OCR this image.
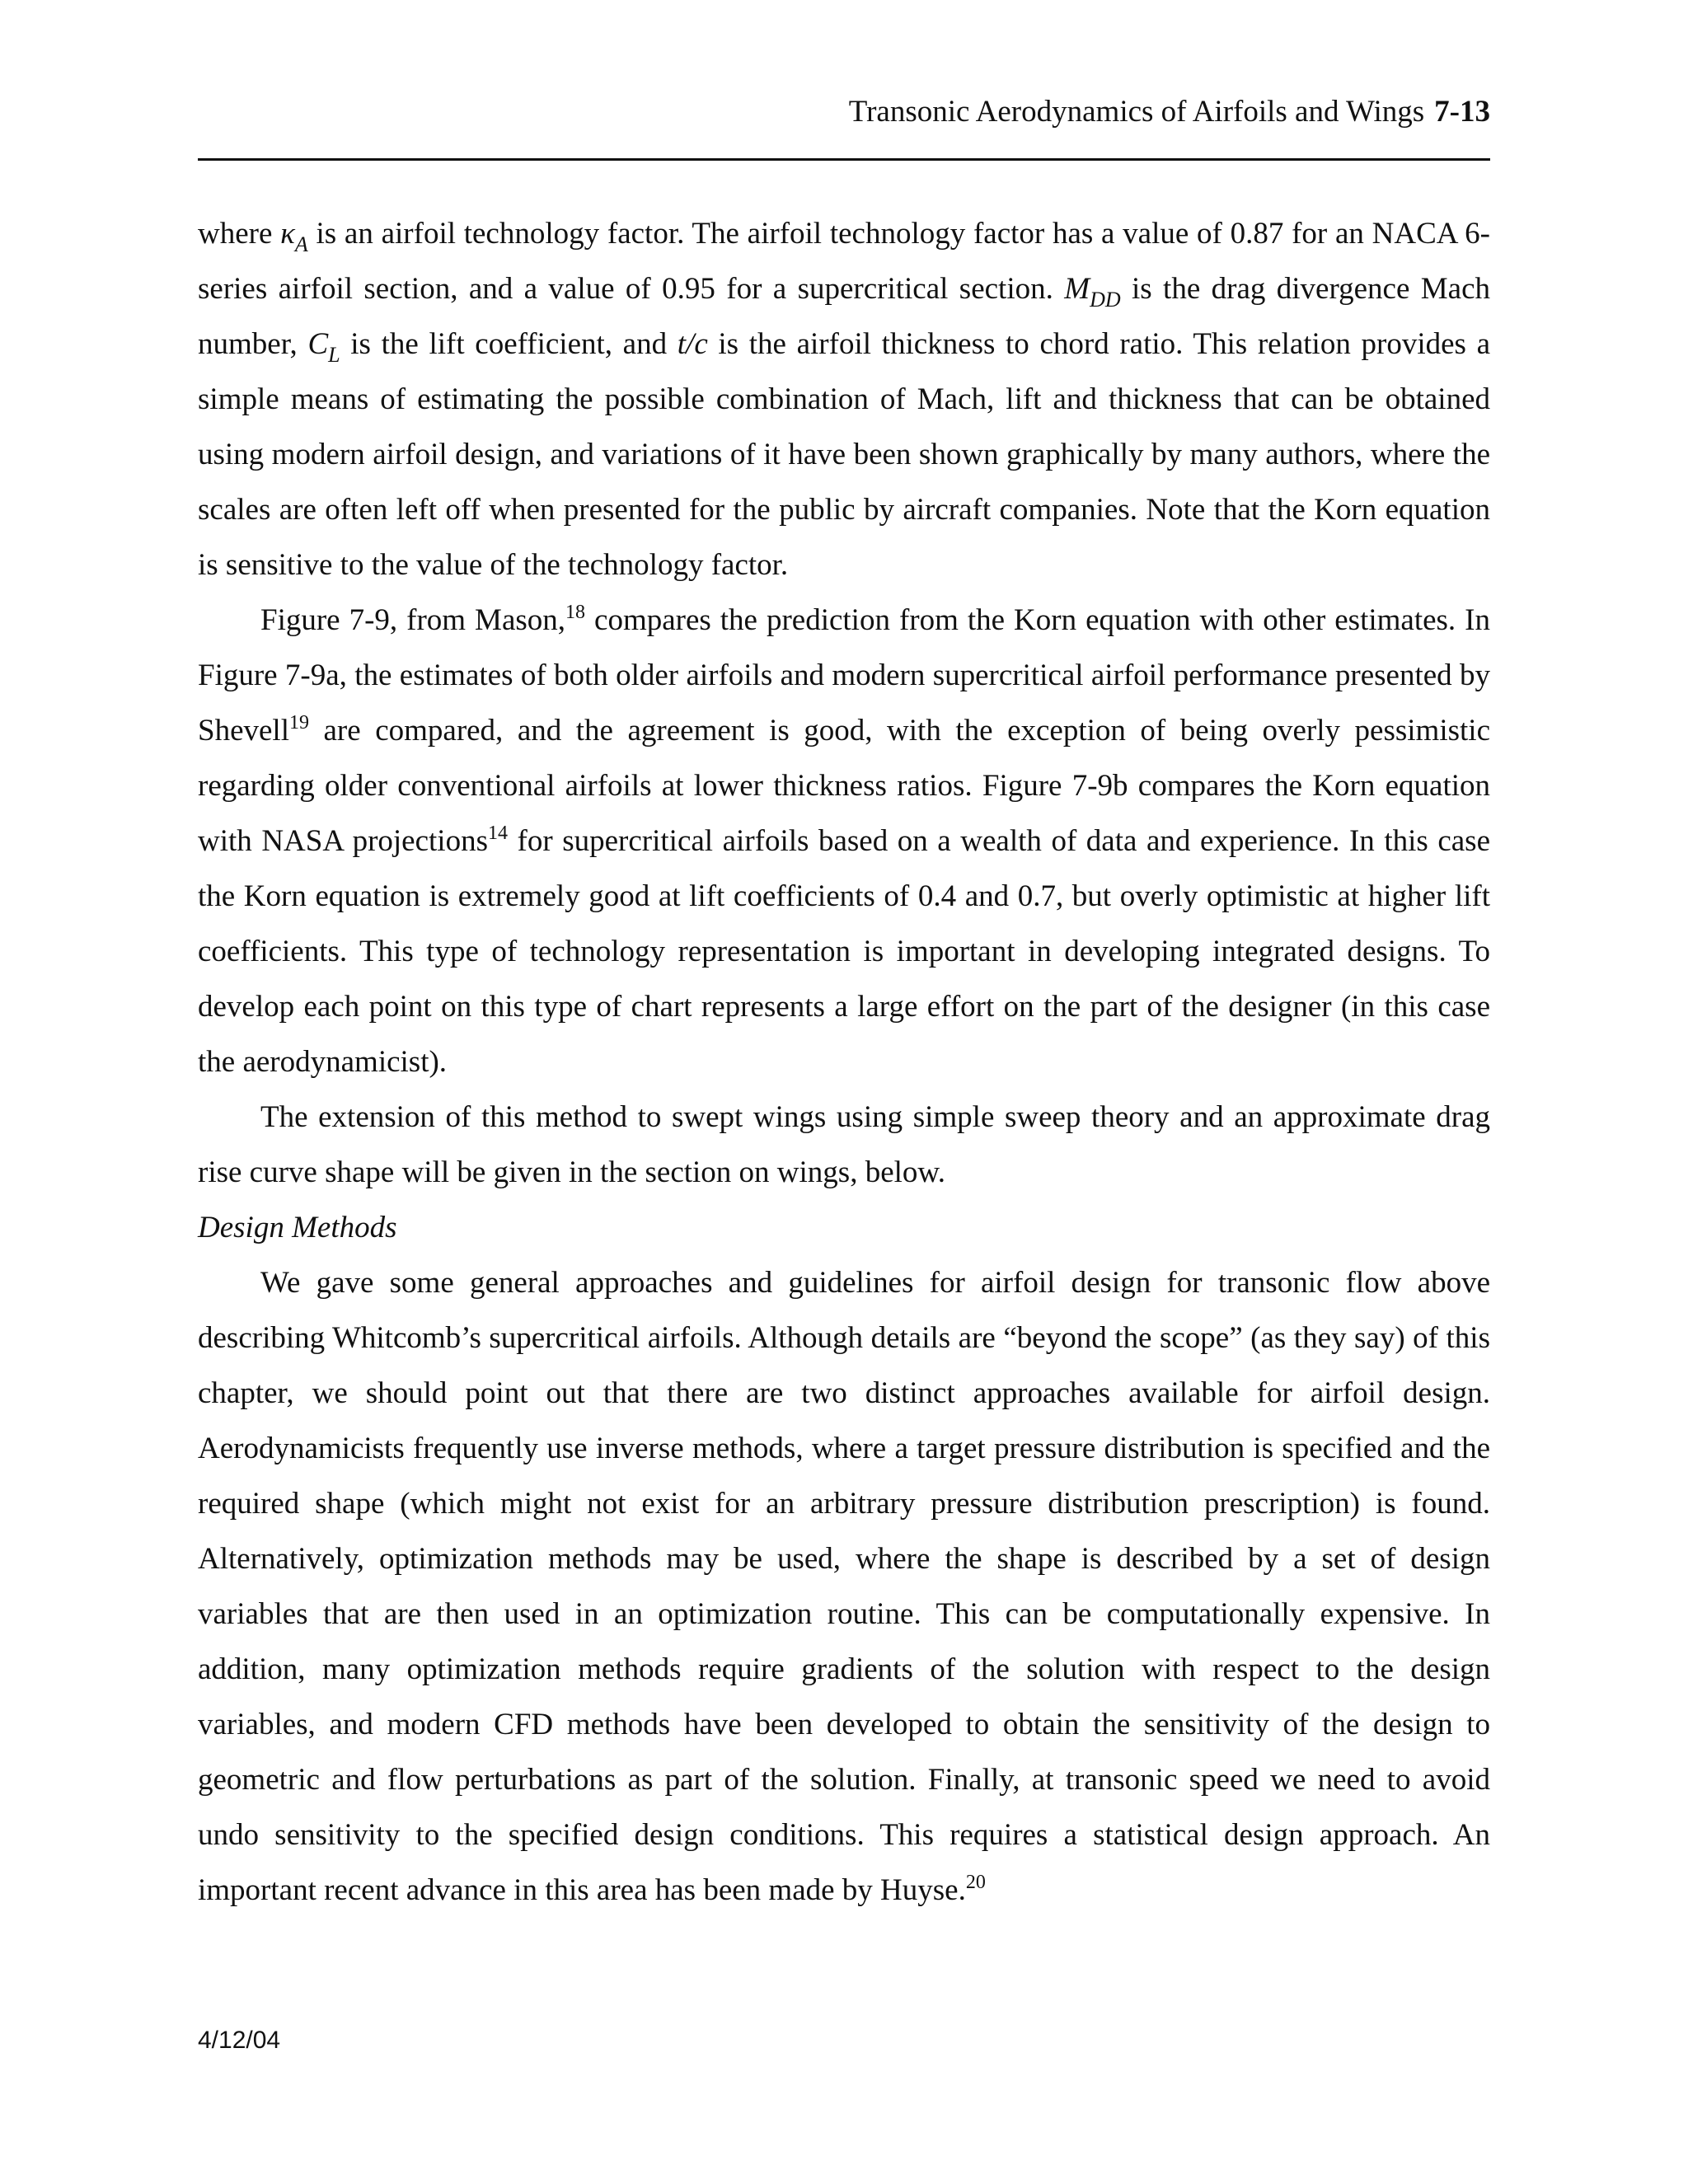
Transonic Aerodynamics of Airfoils and Wings 7-13

where $\kappa_A$ is an airfoil technology factor. The airfoil technology factor has a value of 0.87 for an NACA 6-series airfoil section, and a value of 0.95 for a supercritical section. $M_{DD}$ is the drag divergence Mach number, $C_L$ is the lift coefficient, and t/c is the airfoil thickness to chord ratio. This relation provides a simple means of estimating the possible combination of Mach, lift and thickness that can be obtained using modern airfoil design, and variations of it have been shown graphically by many authors, where the scales are often left off when presented for the public by aircraft companies. Note that the Korn equation is sensitive to the value of the technology factor.

Figure 7-9, from Mason,$^{18}$ compares the prediction from the Korn equation with other estimates. In Figure 7-9a, the estimates of both older airfoils and modern supercritical airfoil performance presented by Shevell$^{19}$ are compared, and the agreement is good, with the exception of being overly pessimistic regarding older conventional airfoils at lower thickness ratios. Figure 7-9b compares the Korn equation with NASA projections$^{14}$ for supercritical airfoils based on a wealth of data and experience. In this case the Korn equation is extremely good at lift coefficients of 0.4 and 0.7, but overly optimistic at higher lift coefficients. This type of technology representation is important in developing integrated designs. To develop each point on this type of chart represents a large effort on the part of the designer (in this case the aerodynamicist).

The extension of this method to swept wings using simple sweep theory and an approximate drag rise curve shape will be given in the section on wings, below.

Design Methods

We gave some general approaches and guidelines for airfoil design for transonic flow above describing Whitcomb’s supercritical airfoils. Although details are “beyond the scope” (as they say) of this chapter, we should point out that there are two distinct approaches available for airfoil design. Aerodynamicists frequently use inverse methods, where a target pressure distribution is specified and the required shape (which might not exist for an arbitrary pressure distribution prescription) is found. Alternatively, optimization methods may be used, where the shape is described by a set of design variables that are then used in an optimization routine. This can be computationally expensive. In addition, many optimization methods require gradients of the solution with respect to the design variables, and modern CFD methods have been developed to obtain the sensitivity of the design to geometric and flow perturbations as part of the solution. Finally, at transonic speed we need to avoid undo sensitivity to the specified design conditions. This requires a statistical design approach. An important recent advance in this area has been made by Huyse.$^{20}$

4/12/04
